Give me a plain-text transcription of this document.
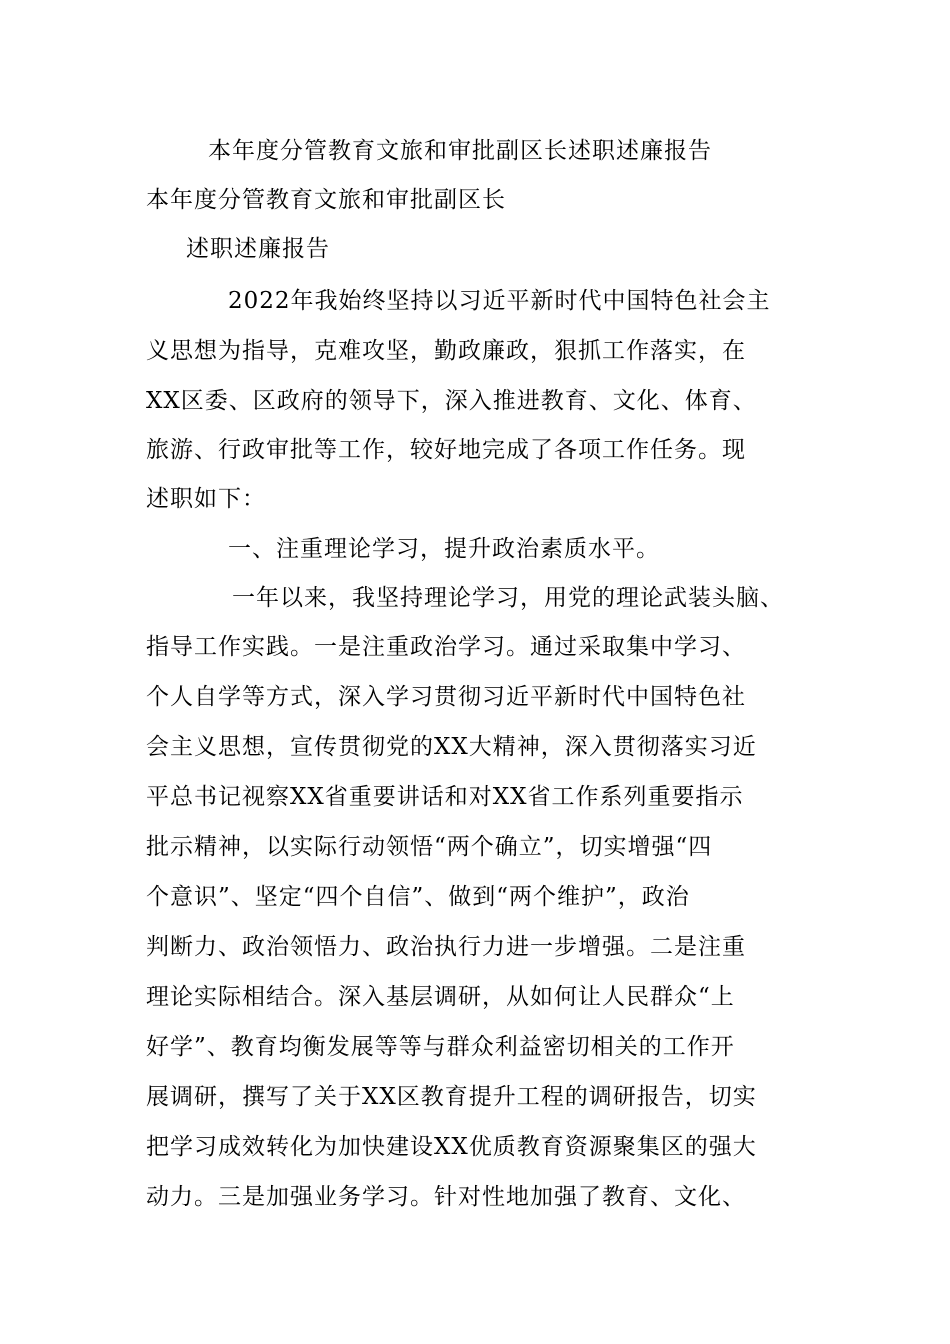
本年度分管教育文旅和审批副区长述职述廉报告
本年度分管教育文旅和审批副区长
述职述廉报告
2022年我始终坚持以习近平新时代中国特色社会主
义思想为指导，克难攻坚，勤政廉政，狠抓工作落实，在
XX区委、区政府的领导下，深入推进教育、文化、体育、
旅游、行政审批等工作，较好地完成了各项工作任务。现
述职如下：
一、注重理论学习，提升政治素质水平。
一年以来，我坚持理论学习，用党的理论武装头脑、
指导工作实践。一是注重政治学习。通过采取集中学习、
个人自学等方式，深入学习贯彻习近平新时代中国特色社
会主义思想，宣传贯彻党的XX大精神，深入贯彻落实习近
平总书记视察XX省重要讲话和对XX省工作系列重要指示
批示精神，以实际行动领悟“两个确立”，切实增强“四
个意识”、坚定“四个自信”、做到“两个维护”，政治
判断力、政治领悟力、政治执行力进一步增强。二是注重
理论实际相结合。深入基层调研，从如何让人民群众“上
好学”、教育均衡发展等等与群众利益密切相关的工作开
展调研，撰写了关于XX区教育提升工程的调研报告，切实
把学习成效转化为加快建设XX优质教育资源聚集区的强大
动力。三是加强业务学习。针对性地加强了教育、文化、
